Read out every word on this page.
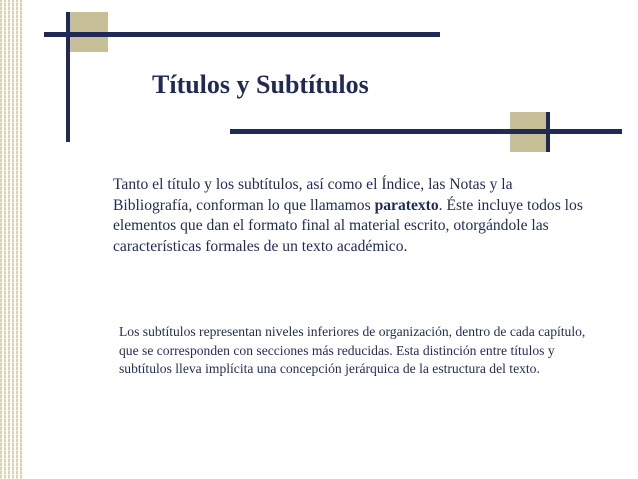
Títulos y Subtítulos

Tanto el título y los subtítulos, así como el Índice, las Notas y la Bibliografía, conforman lo que llamamos paratexto. Éste incluye todos los elementos que dan el formato final al material escrito, otorgándole las características formales de un texto académico.

Los subtítulos representan niveles inferiores de organización, dentro de cada capítulo, que se corresponden con secciones más reducidas. Esta distinción entre títulos y subtítulos lleva implícita una concepción jerárquica de la estructura del texto.
